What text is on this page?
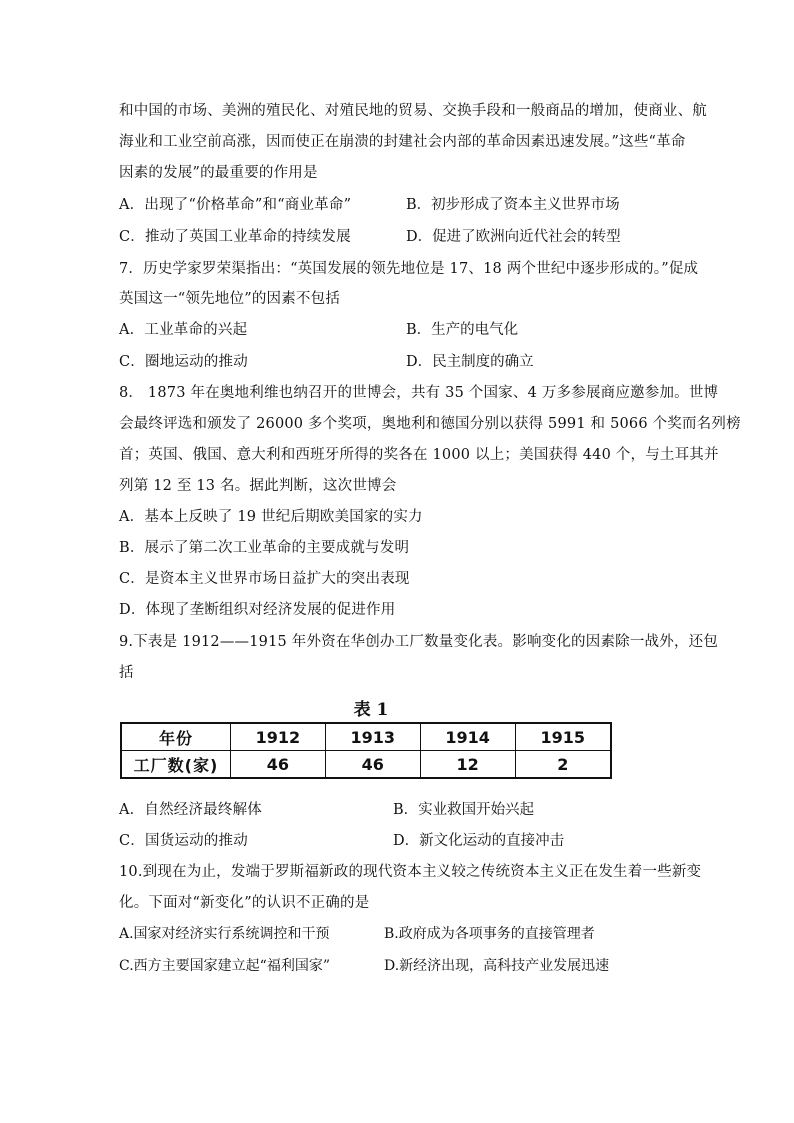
和中国的市场、美洲的殖民化、对殖民地的贸易、交换手段和一般商品的增加，使商业、航
海业和工业空前高涨，因而使正在崩溃的封建社会内部的革命因素迅速发展。”这些“革命
因素的发展”的最重要的作用是
A．出现了“价格革命”和“商业革命”	B．初步形成了资本主义世界市场
C．推动了英国工业革命的持续发展	D．促进了欧洲向近代社会的转型
7．历史学家罗荣渠指出：“英国发展的领先地位是 17、18 两个世纪中逐步形成的。”促成
英国这一“领先地位”的因素不包括
A．工业革命的兴起	B．生产的电气化
C．圈地运动的推动	D．民主制度的确立
8． 1873 年在奥地利维也纳召开的世博会，共有 35 个国家、4 万多参展商应邀参加。世博
会最终评选和颁发了 26000 多个奖项，奥地利和德国分别以获得 5991 和 5066 个奖而名列榜
首；英国、俄国、意大利和西班牙所得的奖各在 1000 以上；美国获得 440 个，与土耳其并
列第 12 至 13 名。据此判断，这次世博会
A．基本上反映了 19 世纪后期欧美国家的实力
B．展示了第二次工业革命的主要成就与发明
C．是资本主义世界市场日益扩大的突出表现
D．体现了垄断组织对经济发展的促进作用
9.下表是 1912——1915 年外资在华创办工厂数量变化表。影响变化的因素除一战外，还包
括
表 1
年份	1912	1913	1914	1915
工厂数(家)	46	46	12	2
A．自然经济最终解体	B．实业救国开始兴起
C．国货运动的推动	D．新文化运动的直接冲击
10.到现在为止，发端于罗斯福新政的现代资本主义较之传统资本主义正在发生着一些新变
化。下面对“新变化”的认识不正确的是
A.国家对经济实行系统调控和干预	B.政府成为各项事务的直接管理者
C.西方主要国家建立起“福利国家”	D.新经济出现，高科技产业发展迅速
